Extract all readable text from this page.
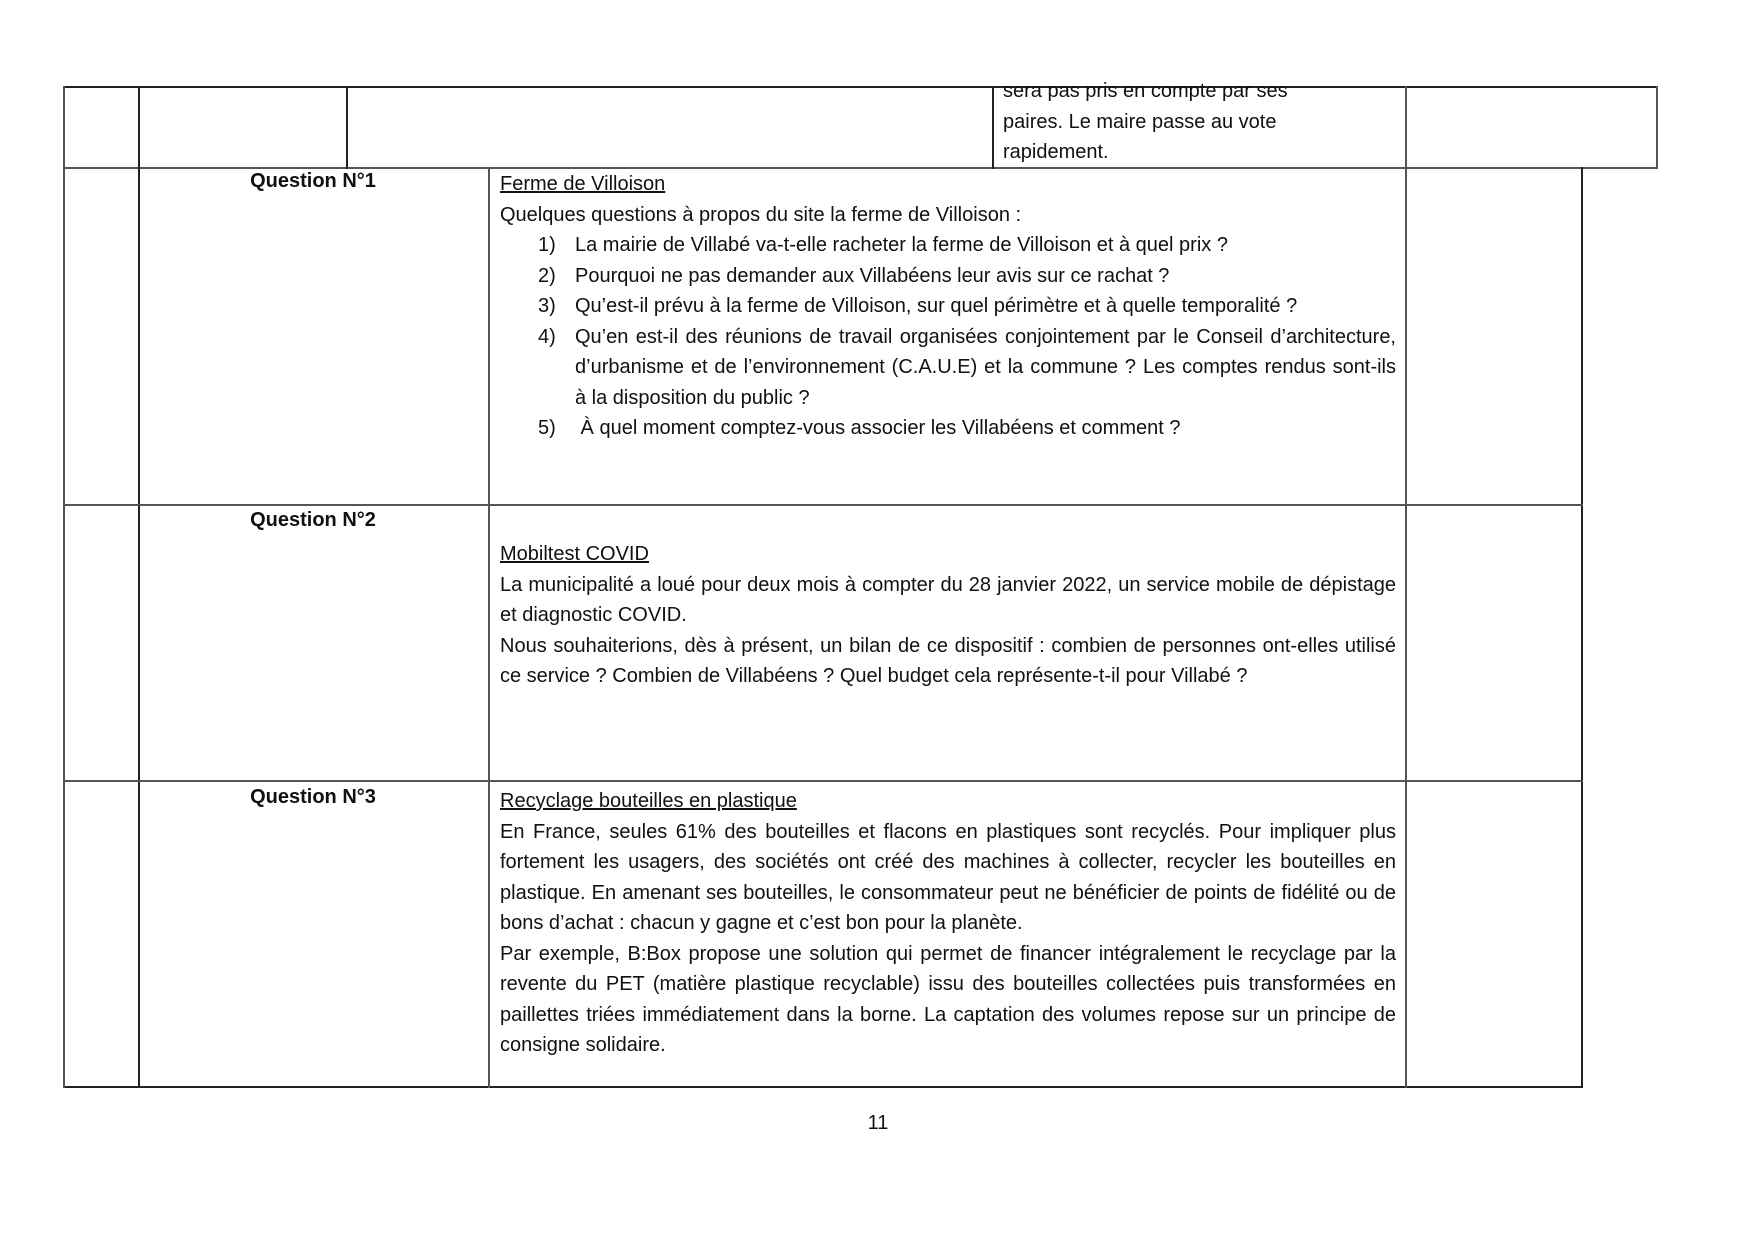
sera pas pris en compte par ses
paires. Le maire passe au vote
rapidement.
Question N°1	Ferme de Villoison
Quelques questions à propos du site la ferme de Villoison :
1) La mairie de Villabé va-t-elle racheter la ferme de Villoison et à quel prix ?
2) Pourquoi ne pas demander aux Villabéens leur avis sur ce rachat ?
3) Qu’est-il prévu à la ferme de Villoison, sur quel périmètre et à quelle temporalité ?
4) Qu’en est-il des réunions de travail organisées conjointement par le Conseil d’architecture, d’urbanisme et de l’environnement (C.A.U.E) et la commune ? Les comptes rendus sont-ils à la disposition du public ?
5) À quel moment comptez-vous associer les Villabéens et comment ?
Question N°2
Mobiltest COVID
La municipalité a loué pour deux mois à compter du 28 janvier 2022, un service mobile de dépistage et diagnostic COVID.
Nous souhaiterions, dès à présent, un bilan de ce dispositif : combien de personnes ont-elles utilisé ce service ? Combien de Villabéens ? Quel budget cela représente-t-il pour Villabé ?
Question N°3	Recyclage bouteilles en plastique
En France, seules 61% des bouteilles et flacons en plastiques sont recyclés. Pour impliquer plus fortement les usagers, des sociétés ont créé des machines à collecter, recycler les bouteilles en plastique. En amenant ses bouteilles, le consommateur peut ne bénéficier de points de fidélité ou de bons d’achat : chacun y gagne et c’est bon pour la planète.
Par exemple, B:Box propose une solution qui permet de financer intégralement le recyclage par la revente du PET (matière plastique recyclable) issu des bouteilles collectées puis transformées en paillettes triées immédiatement dans la borne. La captation des volumes repose sur un principe de consigne solidaire.
11
